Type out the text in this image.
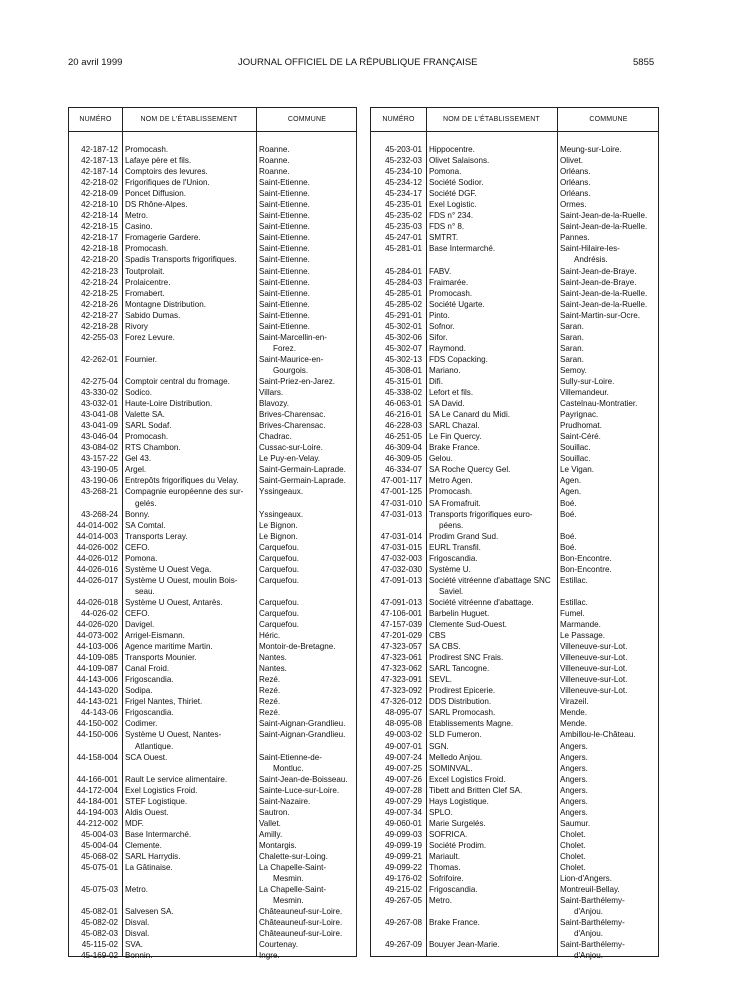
20 avril 1999	JOURNAL OFFICIEL DE LA RÉPUBLIQUE FRANÇAISE	5855
NUMÉRO	NOM DE L'ÉTABLISSEMENT	COMMUNE
42-187-12 Promocash.	Roanne.
42-187-13 Lafaye père et fils.	Roanne.
42-187-14 Comptoirs des levures.	Roanne.
42-218-02 Frigorifiques de l'Union.	Saint-Etienne.
42-218-09 Poncet Diffusion.	Saint-Etienne.
42-218-10 DS Rhône-Alpes.	Saint-Etienne.
42-218-14 Metro.	Saint-Etienne.
42-218-15 Casino.	Saint-Etienne.
42-218-17 Fromagerie Gardere.	Saint-Etienne.
42-218-18 Promocash.	Saint-Etienne.
42-218-20 Spadis Transports frigorifiques.	Saint-Etienne.
42-218-23 Toutprolait.	Saint-Etienne.
42-218-24 Prolaicentre.	Saint-Etienne.
42-218-25 Fromabert.	Saint-Etienne.
42-218-26 Montagne Distribution.	Saint-Etienne.
42-218-27 Sabido Dumas.	Saint-Etienne.
42-218-28 Rivory	Saint-Etienne.
42-255-03 Forez Levure.	Saint-Marcellin-en-
Forez.
42-262-01 Fournier.	Saint-Maurice-en-
Gourgois.
42-275-04 Comptoir central du fromage.	Saint-Priez-en-Jarez.
43-330-02 Sodico.	Villars.
43-032-01 Haute-Loire Distribution.	Blavozy.
43-041-08 Valette SA.	Brives-Charensac.
43-041-09 SARL Sodaf.	Brives-Charensac.
43-046-04 Promocash.	Chadrac.
43-084-02 RTS Chambon.	Cussac-sur-Loire.
43-157-22 Gel 43.	Le Puy-en-Velay.
43-190-05 Argel.	Saint-Germain-Laprade.
43-190-06 Entrepôts frigorifiques du Velay.	Saint-Germain-Laprade.
43-268-21 Compagnie européenne des sur-	Yssingeaux.
gelés.
43-268-24 Bonny.	Yssingeaux.
44-014-002 SA Comtal.	Le Bignon.
44-014-003 Transports Leray.	Le Bignon.
44-026-002 CEFO.	Carquefou.
44-026-012 Pomona.	Carquefou.
44-026-016 Système U Ouest Vega.	Carquefou.
44-026-017 Système U Ouest, moulin Bois-	Carquefou.
seau.
44-026-018 Système U Ouest, Antarès.	Carquefou.
44-026-02 CEFO.	Carquefou.
44-026-020 Davigel.	Carquefou.
44-073-002 Arrigel-Eismann.	Héric.
44-103-006 Agence maritime Martin.	Montoir-de-Bretagne.
44-109-085 Transports Mounier.	Nantes.
44-109-087 Canal Froid.	Nantes.
44-143-006 Frigoscandia.	Rezé.
44-143-020 Sodipa.	Rezé.
44-143-021 Frigel Nantes, Thiriet.	Rezé.
44-143-06 Frigoscandia.	Rezé.
44-150-002 Codimer.	Saint-Aignan-Grandlieu.
44-150-006 Système U Ouest, Nantes-	Saint-Aignan-Grandlieu.
Atlantique.
44-158-004 SCA Ouest.	Saint-Etienne-de-
Montluc.
44-166-001 Rault Le service alimentaire.	Saint-Jean-de-Boisseau.
44-172-004 Exel Logistics Froid.	Sainte-Luce-sur-Loire.
44-184-001 STEF Logistique.	Saint-Nazaire.
44-194-003 Aldis Ouest.	Sautron.
44-212-002 MDF.	Vallet.
45-004-03 Base Intermarché.	Amilly.
45-004-04 Clemente.	Montargis.
45-068-02 SARL Harrydis.	Chalette-sur-Loing.
45-075-01 La Gâtinaise.	La Chapelle-Saint-
Mesmin.
45-075-03 Metro.	La Chapelle-Saint-
Mesmin.
45-082-01 Salvesen SA.	Châteauneuf-sur-Loire.
45-082-02 Disval.	Châteauneuf-sur-Loire.
45-082-03 Disval.	Châteauneuf-sur-Loire.
45-115-02 SVA.	Courtenay.
45-169-02 Bonnin.	Ingre.
NUMÉRO	NOM DE L'ÉTABLISSEMENT	COMMUNE
45-203-01 Hippocentre.	Meung-sur-Loire.
45-232-03 Olivet Salaisons.	Olivet.
45-234-10 Pomona.	Orléans.
45-234-12 Société Sodior.	Orléans.
45-234-17 Société DGF.	Orléans.
45-235-01 Exel Logistic.	Ormes.
45-235-02 FDS n° 234.	Saint-Jean-de-la-Ruelle.
45-235-03 FDS n° 8.	Saint-Jean-de-la-Ruelle.
45-247-01 SMTRT.	Pannes.
45-281-01 Base Intermarché.	Saint-Hilaire-les-
Andrésis.
45-284-01 FABV.	Saint-Jean-de-Braye.
45-284-03 Fraimarée.	Saint-Jean-de-Braye.
45-285-01 Promocash.	Saint-Jean-de-la-Ruelle.
45-285-02 Société Ugarte.	Saint-Jean-de-la-Ruelle.
45-291-01 Pinto.	Saint-Martin-sur-Ocre.
45-302-01 Sofnor.	Saran.
45-302-06 Sifor.	Saran.
45-302-07 Raymond.	Saran.
45-302-13 FDS Copacking.	Saran.
45-308-01 Mariano.	Semoy.
45-315-01 Difi.	Sully-sur-Loire.
45-338-02 Lefort et fils.	Villemandeur.
46-063-01 SA David.	Castelnau-Montratier.
46-216-01 SA Le Canard du Midi.	Payrignac.
46-228-03 SARL Chazal.	Prudhomat.
46-251-05 Le Fin Quercy.	Saint-Céré.
46-309-04 Brake France.	Souillac.
46-309-05 Gelou.	Souillac.
46-334-07 SA Roche Quercy Gel.	Le Vigan.
47-001-117 Metro Agen.	Agen.
47-001-125 Promocash.	Agen.
47-031-010 SA Fromafruit.	Boé.
47-031-013 Transports frigorifiques euro-	Boé.
péens.
47-031-014 Prodim Grand Sud.	Boé.
47-031-015 EURL Transfil.	Boé.
47-032-003 Frigoscandia.	Bon-Encontre.
47-032-030 Système U.	Bon-Encontre.
47-091-013 Société vitréenne d'abattage SNC	Estillac.
Saviel.
47-091-013 Société vitréenne d'abattage.	Estillac.
47-106-001 Barbelin Huguet.	Fumel.
47-157-039 Clemente Sud-Ouest.	Marmande.
47-201-029 CBS	Le Passage.
47-323-057 SA CBS.	Villeneuve-sur-Lot.
47-323-061 Prodirest SNC Frais.	Villeneuve-sur-Lot.
47-323-062 SARL Tancogne.	Villeneuve-sur-Lot.
47-323-091 SEVL.	Villeneuve-sur-Lot.
47-323-092 Prodirest Epicerie.	Villeneuve-sur-Lot.
47-326-012 DDS Distribution.	Virazeil.
48-095-07 SARL Promocash.	Mende.
48-095-08 Etablissements Magne.	Mende.
49-003-02 SLD Fumeron.	Ambillou-le-Château.
49-007-01 SGN.	Angers.
49-007-24 Melledo Anjou.	Angers.
49-007-25 SOMINVAL.	Angers.
49-007-26 Excel Logistics Froid.	Angers.
49-007-28 Tibett and Britten Clef SA.	Angers.
49-007-29 Hays Logistique.	Angers.
49-007-34 SPLO.	Angers.
49-060-01 Marie Surgelés.	Saumur.
49-099-03 SOFRICA.	Cholet.
49-099-19 Société Prodim.	Cholet.
49-099-21 Mariault.	Cholet.
49-099-22 Thomas.	Cholet.
49-176-02 Sofrifoire.	Lion-d'Angers.
49-215-02 Frigoscandia.	Montreuil-Bellay.
49-267-05 Metro.	Saint-Barthélemy-
d'Anjou.
49-267-08 Brake France.	Saint-Barthélemy-
d'Anjou.
49-267-09 Bouyer Jean-Marie.	Saint-Barthélemy-
d'Anjou.
